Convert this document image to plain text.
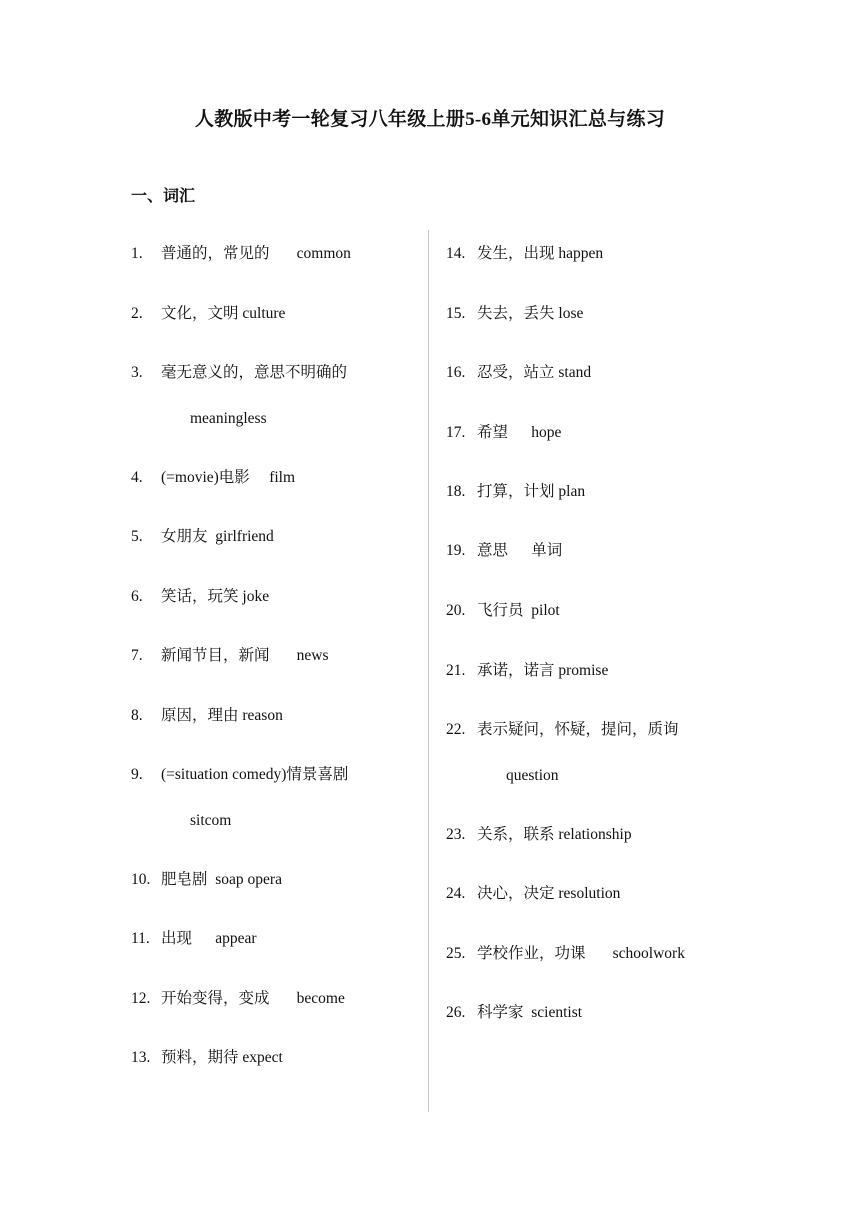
人教版中考一轮复习八年级上册5-6单元知识汇总与练习
一、词汇
1. 普通的，常见的       common
2. 文化，文明 culture
3. 毫无意义的，意思不明确的
meaningless
4. (=movie)电影     film
5. 女朋友  girlfriend
6. 笑话，玩笑 joke
7. 新闻节目，新闻       news
8. 原因，理由 reason
9. (=situation comedy)情景喜剧
sitcom
10. 肥皂剧  soap opera
11. 出现      appear
12. 开始变得，变成       become
13. 预料，期待 expect
14. 发生，出现 happen
15. 失去，丢失 lose
16. 忍受，站立 stand
17. 希望      hope
18. 打算，计划 plan
19. 意思      单词
20. 飞行员  pilot
21. 承诺，诺言 promise
22. 表示疑问，怀疑，提问，质询
question
23. 关系，联系 relationship
24. 决心，决定 resolution
25. 学校作业，功课       schoolwork
26. 科学家  scientist
